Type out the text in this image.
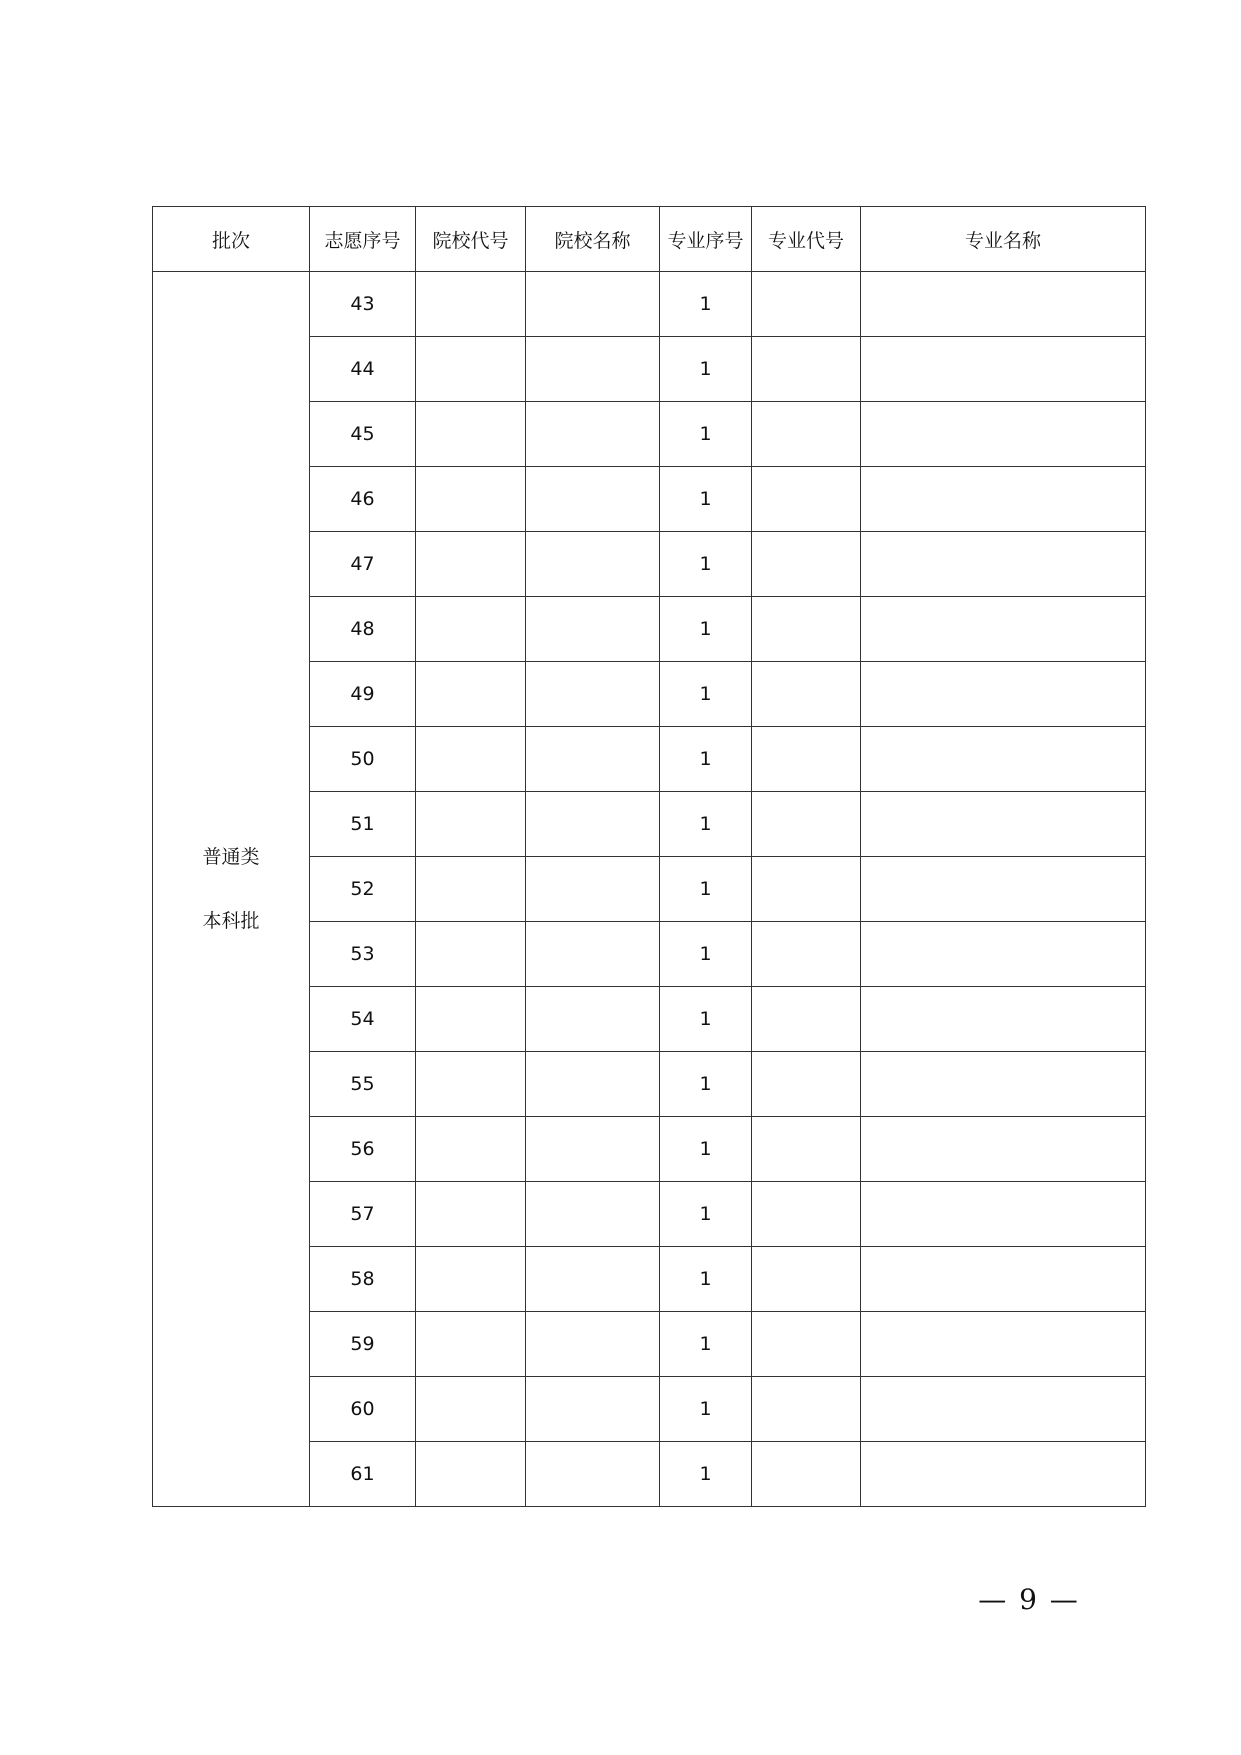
批次	志愿序号	院校代号	院校名称	专业序号	专业代号	专业名称

普通类
本科批	43			1		
	44			1		
	45			1		
	46			1		
	47			1		
	48			1		
	49			1		
	50			1		
	51			1		
	52			1		
	53			1		
	54			1		
	55			1		
	56			1		
	57			1		
	58			1		
	59			1		
	60			1		
	61			1		
— 9 —
